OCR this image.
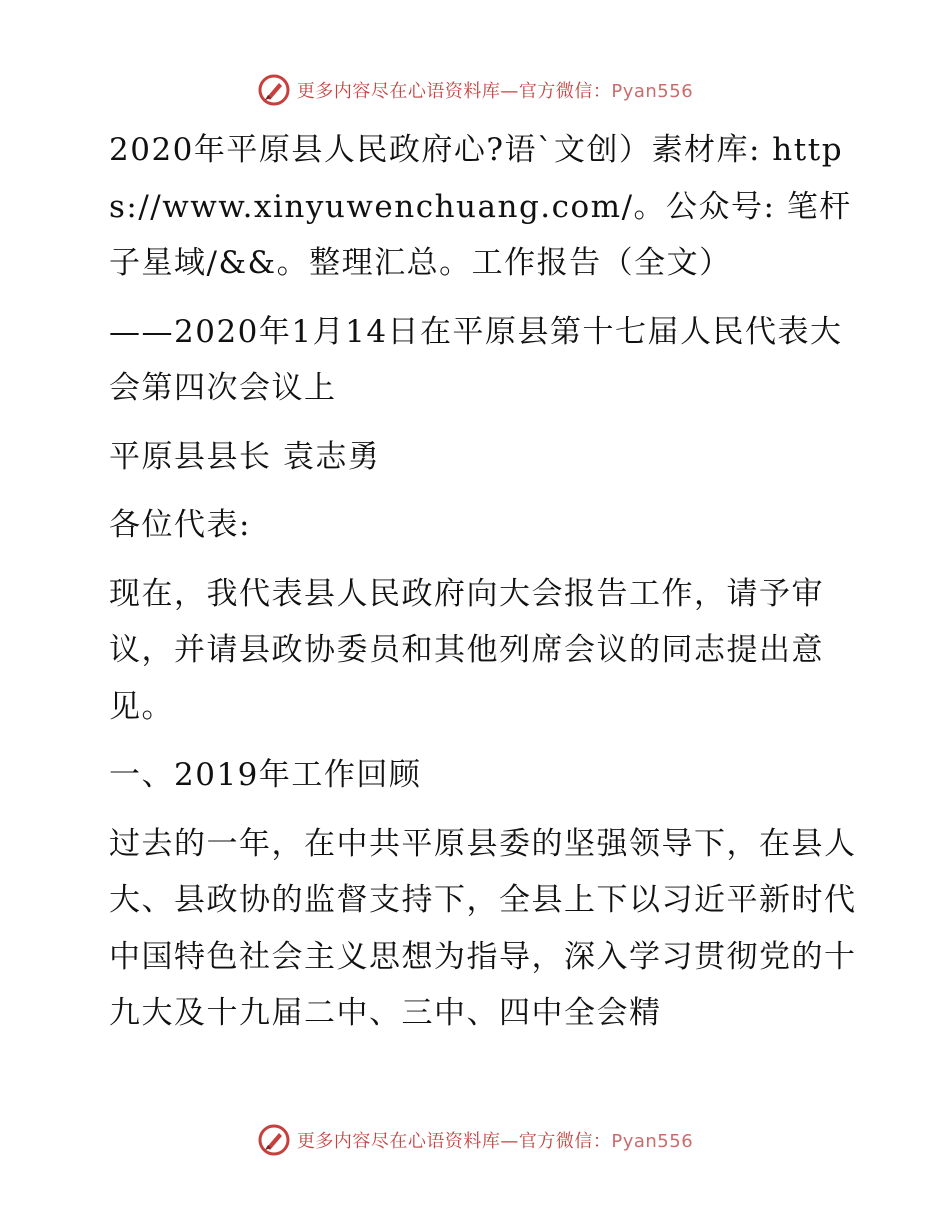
更多内容尽在心语资料库—官方微信：Pyan556

2020年平原县人民政府心?语`文创）素材库: https://www.xinyuwenchuang.com/。公众号: 笔杆子星域/&&。整理汇总。工作报告（全文）

——2020年1月14日在平原县第十七届人民代表大会第四次会议上

平原县县长 袁志勇

各位代表:

现在，我代表县人民政府向大会报告工作，请予审议，并请县政协委员和其他列席会议的同志提出意见。

一、2019年工作回顾

过去的一年，在中共平原县委的坚强领导下，在县人大、县政协的监督支持下，全县上下以习近平新时代中国特色社会主义思想为指导，深入学习贯彻党的十九大及十九届二中、三中、四中全会精

更多内容尽在心语资料库—官方微信：Pyan556
